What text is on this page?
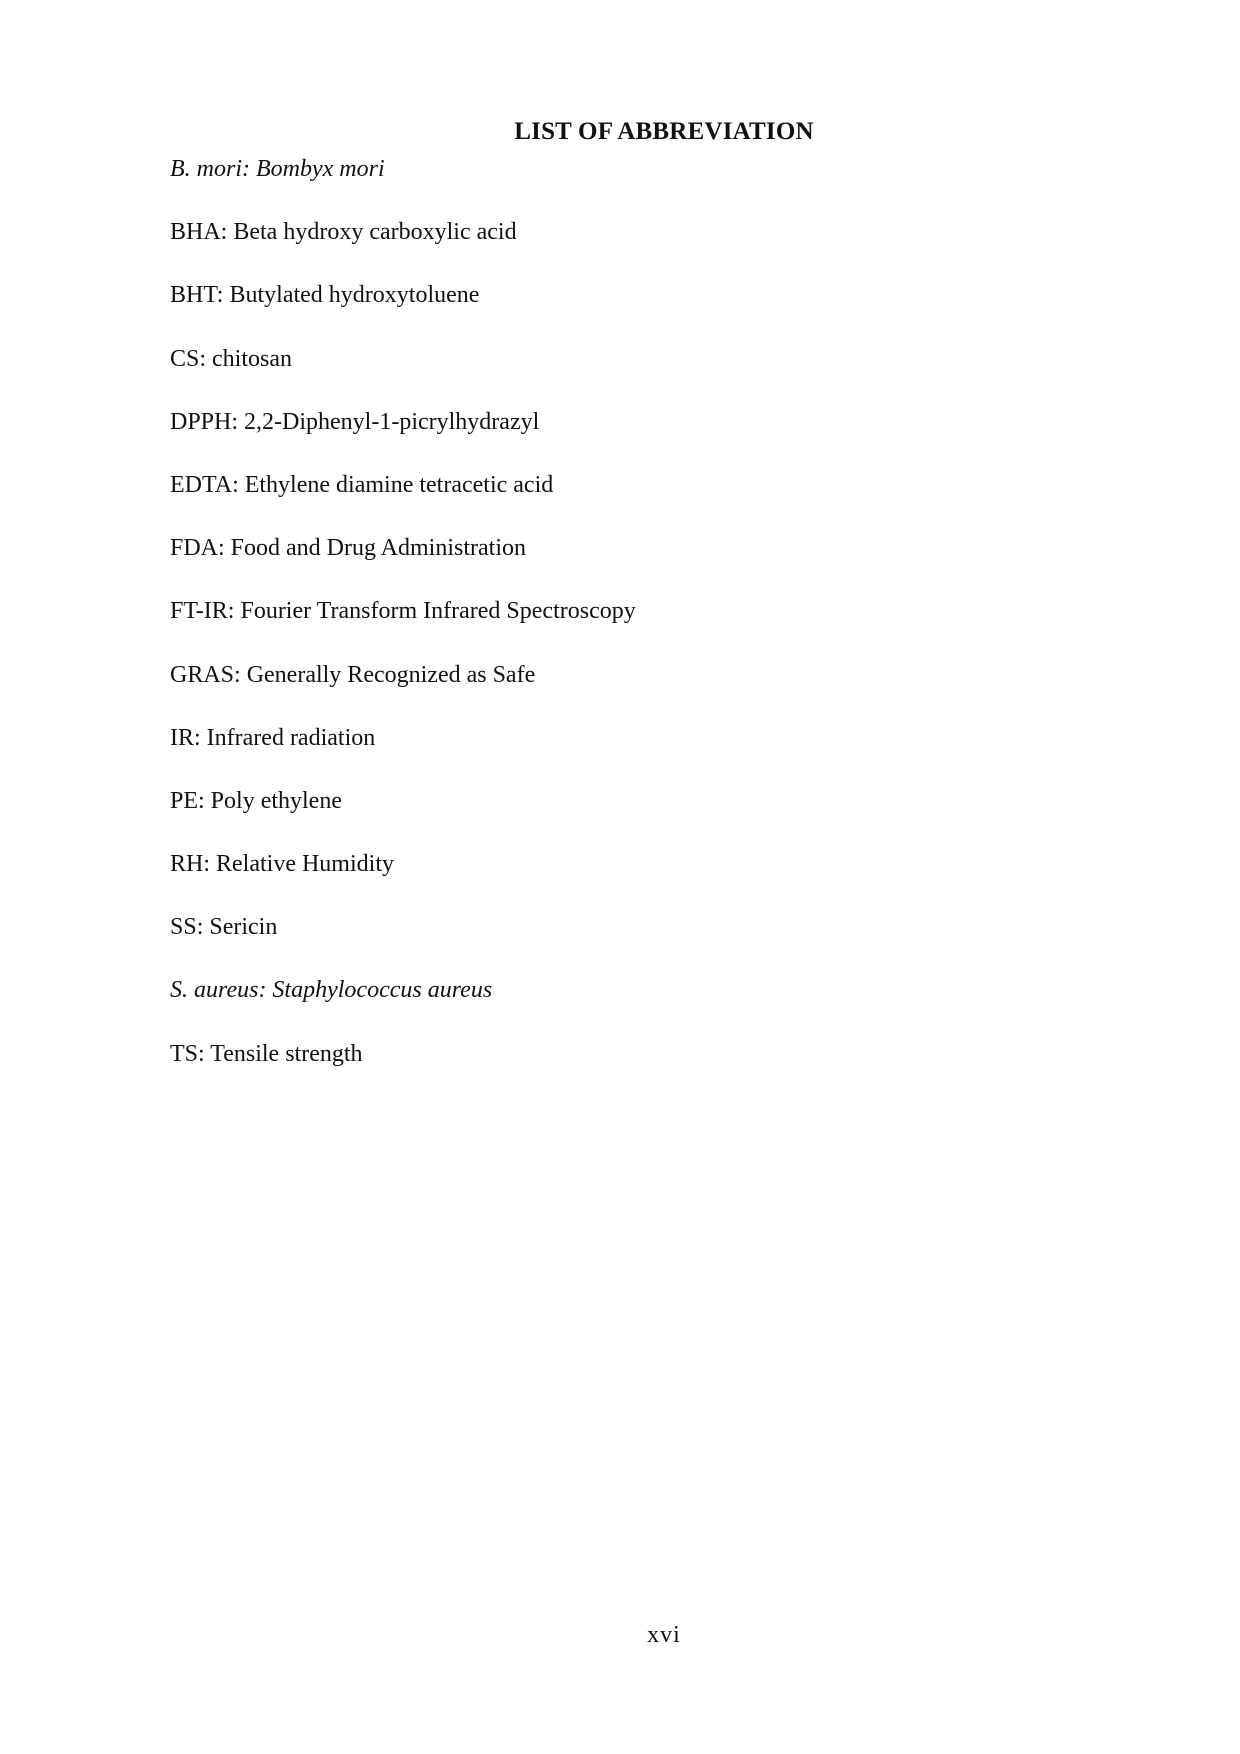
LIST OF ABBREVIATION
B. mori: Bombyx mori
BHA: Beta hydroxy carboxylic acid
BHT: Butylated hydroxytoluene
CS: chitosan
DPPH: 2,2-Diphenyl-1-picrylhydrazyl
EDTA: Ethylene diamine tetracetic acid
FDA: Food and Drug Administration
FT-IR: Fourier Transform Infrared Spectroscopy
GRAS: Generally Recognized as Safe
IR: Infrared radiation
PE: Poly ethylene
RH: Relative Humidity
SS: Sericin
S. aureus: Staphylococcus aureus
TS: Tensile strength
xvi
